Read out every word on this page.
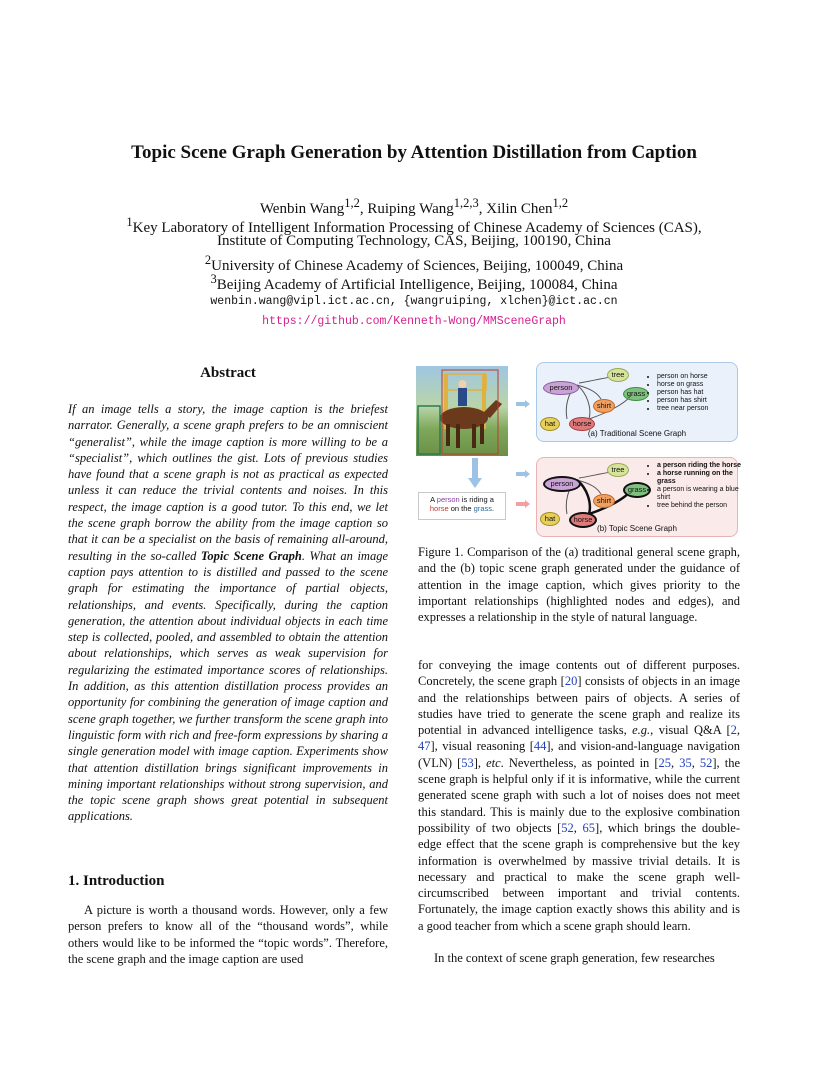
Topic Scene Graph Generation by Attention Distillation from Caption
Wenbin Wang$^{1,2}$, Ruiping Wang$^{1,2,3}$, Xilin Chen$^{1,2}$
$^1$Key Laboratory of Intelligent Information Processing of Chinese Academy of Sciences (CAS),
Institute of Computing Technology, CAS, Beijing, 100190, China
$^2$University of Chinese Academy of Sciences, Beijing, 100049, China
$^3$Beijing Academy of Artificial Intelligence, Beijing, 100084, China
wenbin.wang@vipl.ict.ac.cn, {wangruiping, xlchen}@ict.ac.cn
https://github.com/Kenneth-Wong/MMSceneGraph
Abstract
If an image tells a story, the image caption is the briefest narrator. Generally, a scene graph prefers to be an omniscient “generalist”, while the image caption is more willing to be a “specialist”, which outlines the gist. Lots of previous studies have found that a scene graph is not as practical as expected unless it can reduce the trivial contents and noises. In this respect, the image caption is a good tutor. To this end, we let the scene graph borrow the ability from the image caption so that it can be a specialist on the basis of remaining all-around, resulting in the so-called Topic Scene Graph. What an image caption pays attention to is distilled and passed to the scene graph for estimating the importance of partial objects, relationships, and events. Specifically, during the caption generation, the attention about individual objects in each time step is collected, pooled, and assembled to obtain the attention about relationships, which serves as weak supervision for regularizing the estimated importance scores of relationships. In addition, as this attention distillation process provides an opportunity for combining the generation of image caption and scene graph together, we further transform the scene graph into linguistic form with rich and free-form expressions by sharing a single generation model with image caption. Experiments show that attention distillation brings significant improvements in mining important relationships without strong supervision, and the topic scene graph shows great potential in subsequent applications.
1. Introduction
A picture is worth a thousand words. However, only a few person prefers to know all of the “thousand words”, while others would like to be informed the “topic words”. Therefore, the scene graph and the image caption are used
A person is riding a
horse on the grass.
tree
person
grass
shirt
hat	horse
• person on horse
• horse on grass
• person has hat
• person has shirt
• tree near person
(a) Traditional Scene Graph
tree
person
grass
shirt
hat	horse
• a person riding the horse
• a horse running on the grass
• a person is wearing a blue shirt
• tree behind the person
(b) Topic Scene Graph
Figure 1. Comparison of the (a) traditional general scene graph, and the (b) topic scene graph generated under the guidance of attention in the image caption, which gives priority to the important relationships (highlighted nodes and edges), and expresses a relationship in the style of natural language.
for conveying the image contents out of different purposes. Concretely, the scene graph [20] consists of objects in an image and the relationships between pairs of objects. A series of studies have tried to generate the scene graph and realize its potential in advanced intelligence tasks, e.g., visual Q&A [2, 47], visual reasoning [44], and vision-and-language navigation (VLN) [53], etc. Nevertheless, as pointed in [25, 35, 52], the scene graph is helpful only if it is informative, while the current generated scene graph with such a lot of noises does not meet this standard. This is mainly due to the explosive combination possibility of two objects [52, 65], which brings the double-edge effect that the scene graph is comprehensive but the key information is overwhelmed by massive trivial details. It is necessary and practical to make the scene graph well-circumscribed between important and trivial contents. Fortunately, the image caption exactly shows this ability and is a good teacher from which a scene graph should learn.
In the context of scene graph generation, few researches
